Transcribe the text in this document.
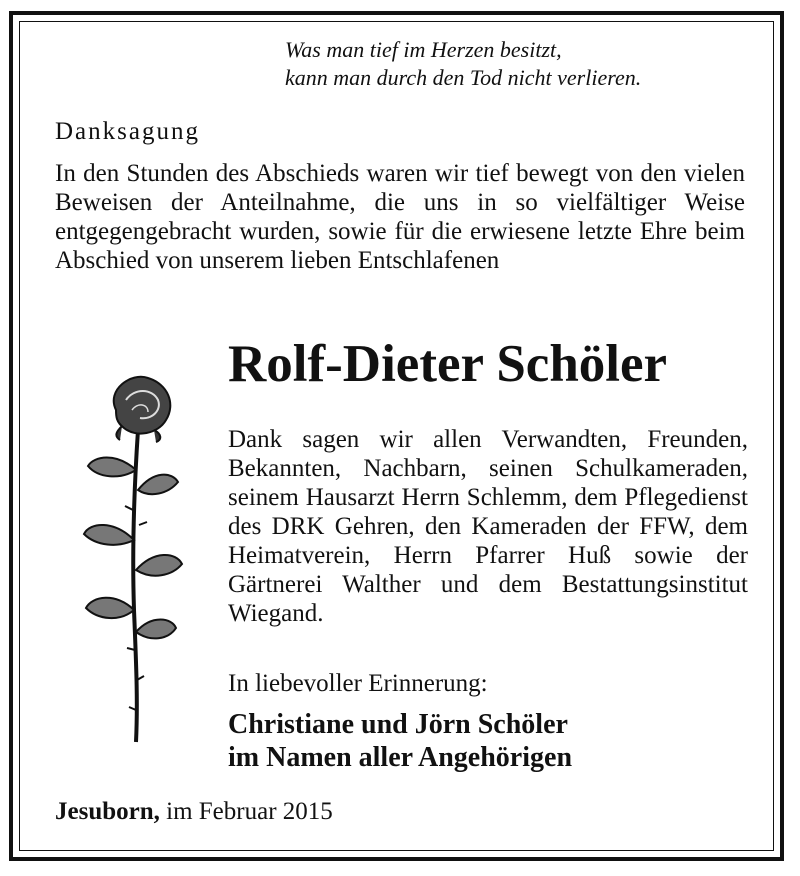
Was man tief im Herzen besitzt,
kann man durch den Tod nicht verlieren.
Danksagung
In den Stunden des Abschieds waren wir tief bewegt von den vielen Beweisen der Anteilnahme, die uns in so vielfältiger Weise entgegengebracht wurden, sowie für die erwiesene letzte Ehre beim Abschied von unserem lieben Entschlafenen
Rolf-Dieter Schöler
Dank sagen wir allen Verwandten, Freunden, Bekannten, Nachbarn, seinen Schulkameraden, seinem Hausarzt Herrn Schlemm, dem Pflegedienst des DRK Gehren, den Kameraden der FFW, dem Heimatverein, Herrn Pfarrer Huß sowie der Gärtnerei Walther und dem Bestattungsinstitut Wiegand.
In liebevoller Erinnerung:
Christiane und Jörn Schöler
im Namen aller Angehörigen
Jesuborn, im Februar 2015
